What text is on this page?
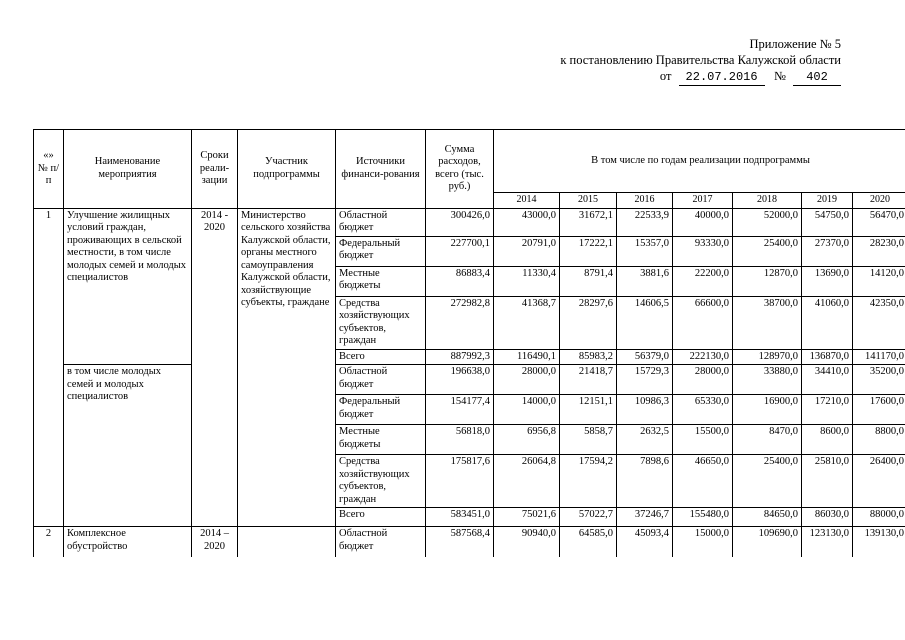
Приложение № 5
к постановлению Правительства Калужской области
от 22.07.2016 № 402
«» № п/п	Наименование мероприятия	Сроки реали-зации	Участник подпрограммы	Источники финанси-рования	Сумма расходов, всего (тыс. руб.)	В том числе по годам реализации подпрограммы						
						2014	2015	2016	2017	2018	2019	2020
1	Улучшение жилищных условий граждан, проживающих в сельской местности, в том числе молодых семей и молодых специалистов	2014 - 2020	Министерство сельского хозяйства Калужской области, органы местного самоуправления Калужской области, хозяйствующие субъекты, граждане	Областной бюджет	300426,0	43000,0	31672,1	22533,9	40000,0	52000,0	54750,0	56470,0
				Федеральный бюджет	227700,1	20791,0	17222,1	15357,0	93330,0	25400,0	27370,0	28230,0
				Местные бюджеты	86883,4	11330,4	8791,4	3881,6	22200,0	12870,0	13690,0	14120,0
				Средства хозяйствующих субъектов, граждан	272982,8	41368,7	28297,6	14606,5	66600,0	38700,0	41060,0	42350,0
				Всего	887992,3	116490,1	85983,2	56379,0	222130,0	128970,0	136870,0	141170,0
	в том числе молодых семей и молодых специалистов			Областной бюджет	196638,0	28000,0	21418,7	15729,3	28000,0	33880,0	34410,0	35200,0
				Федеральный бюджет	154177,4	14000,0	12151,1	10986,3	65330,0	16900,0	17210,0	17600,0
				Местные бюджеты	56818,0	6956,8	5858,7	2632,5	15500,0	8470,0	8600,0	8800,0
				Средства хозяйствующих субъектов, граждан	175817,6	26064,8	17594,2	7898,6	46650,0	25400,0	25810,0	26400,0
				Всего	583451,0	75021,6	57022,7	37246,7	155480,0	84650,0	86030,0	88000,0
2	Комплексное обустройство	2014 – 2020		Областной бюджет	587568,4	90940,0	64585,0	45093,4	15000,0	109690,0	123130,0	139130,0
